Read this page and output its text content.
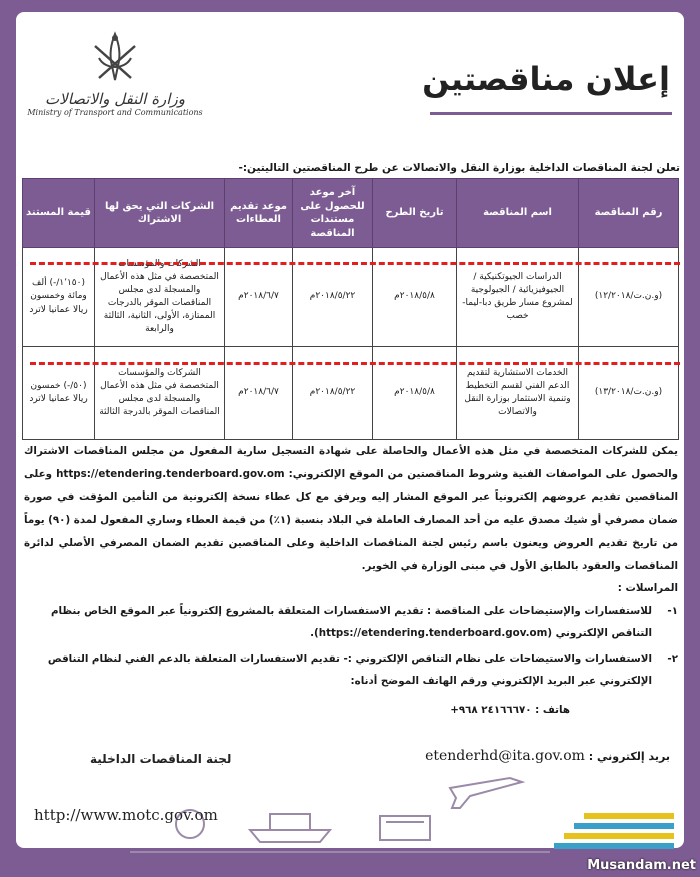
وزارة النقل والاتصالات
Ministry of Transport and Communications
إعلان مناقصتين
تعلن لجنة المناقصات الداخلية بوزارة النقل والاتصالات عن طرح المناقصتين التاليتين:-
رقم المناقصة	اسم المناقصة	تاريخ الطرح	آخر موعد للحصول على مستندات المناقصة	موعد تقديم العطاءات	الشركات التي يحق لها الاشتراك	قيمة المستند
(و.ن.ت/١٢/٢٠١٨)	الدراسات الجيوتكنيكية / الجيوفيزيائية / الجيولوجية لمشروع مسار طريق دبا-ليما-خصب	٢٠١٨/٥/٨م	٢٠١٨/٥/٢٢م	٢٠١٨/٦/٧م	الشركات والمؤسسات المتخصصة في مثل هذه الأعمال والمسجلة لدى مجلس المناقصات الموقر بالدرجات الممتازة، الأولى، الثانية، الثالثة والرابعة	(١٬١٥٠/-) ألف ومائة وخمسون ريالا عمانيا لاترد
(و.ن.ت/١٣/٢٠١٨)	الخدمات الاستشارية لتقديم الدعم الفني لقسم التخطيط وتنمية الاستثمار بوزارة النقل والاتصالات	٢٠١٨/٥/٨م	٢٠١٨/٥/٢٢م	٢٠١٨/٦/٧م	الشركات والمؤسسات المتخصصة في مثل هذه الأعمال والمسجلة لدى مجلس المناقصات الموقر بالدرجة الثالثة	(٥٠/-) خمسون ريالا عمانيا لاترد
يمكن للشركات المتخصصة في مثل هذه الأعمال والحاصلة على شهادة التسجيل سارية المفعول من مجلس المناقصات الاشتراك والحصول على المواصفات الفنية وشروط المناقصتين من الموقع الإلكتروني: https://etendering.tenderboard.gov.om وعلى المناقصين تقديم عروضهم إلكترونياً عبر الموقع المشار إليه ويرفق مع كل عطاء نسخة إلكترونية من التأمين المؤقت في صورة ضمان مصرفي أو شيك مصدق عليه من أحد المصارف العاملة في البلاد بنسبة (١٪) من قيمة العطاء وساري المفعول لمدة (٩٠) يوماً من تاريخ تقديم العروض ويعنون باسم رئيس لجنة المناقصات الداخلية وعلى المناقصين تقديم الضمان المصرفي الأصلي لدائرة المناقصات والعقود بالطابق الأول في مبنى الوزارة في الخوير.
المراسلات :
١-
للاستفسارات والإستيضاحات على المناقصة : تقديم الاستفسارات المتعلقة بالمشروع إلكترونياً عبر الموقع الخاص بنظام التناقص الإلكتروني (https://etendering.tenderboard.gov.om).
٢-
الاستفسارات والاستيضاحات على نظام التناقص الإلكتروني :- تقديم الاستفسارات المتعلقة بالدعم الفني لنظام التناقص الإلكتروني عبر البريد الإلكتروني ورقم الهاتف الموضح أدناه:
هاتف : ٢٤١٦٦٦٧٠ ٩٦٨+
بريد إلكتروني : etenderhd@ita.gov.om
لجنة المناقصات الداخلية
http://www.motc.gov.om
Musandam.net
